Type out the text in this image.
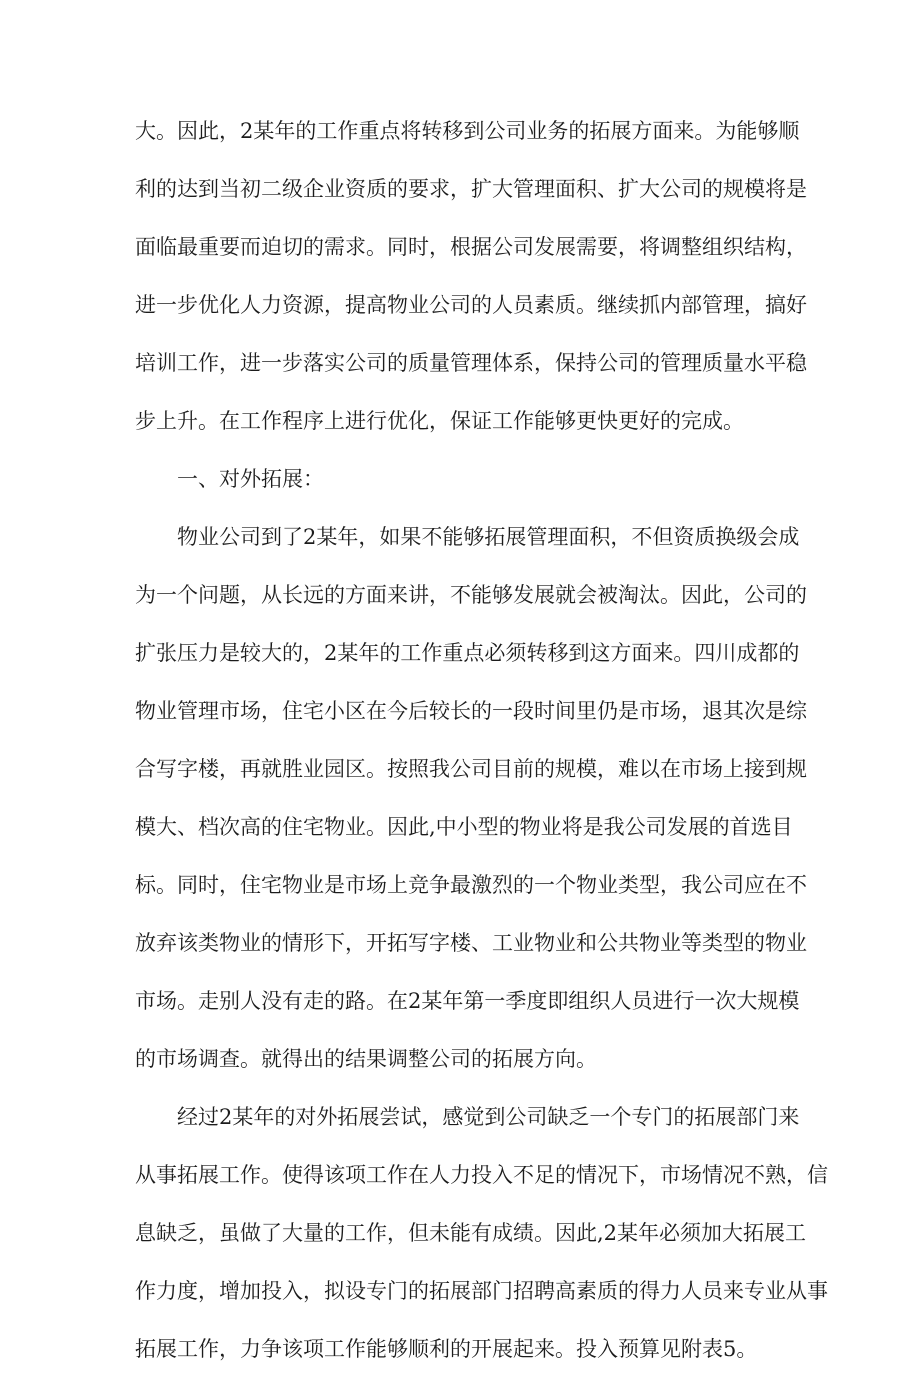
大。因此，2某年的工作重点将转移到公司业务的拓展方面来。为能够顺
利的达到当初二级企业资质的要求，扩大管理面积、扩大公司的规模将是
面临最重要而迫切的需求。同时，根据公司发展需要，将调整组织结构，
进一步优化人力资源，提高物业公司的人员素质。继续抓内部管理，搞好
培训工作，进一步落实公司的质量管理体系，保持公司的管理质量水平稳
步上升。在工作程序上进行优化，保证工作能够更快更好的完成。
一、对外拓展：
物业公司到了2某年，如果不能够拓展管理面积，不但资质换级会成
为一个问题，从长远的方面来讲，不能够发展就会被淘汰。因此，公司的
扩张压力是较大的，2某年的工作重点必须转移到这方面来。四川成都的
物业管理市场，住宅小区在今后较长的一段时间里仍是市场，退其次是综
合写字楼，再就胜业园区。按照我公司目前的规模，难以在市场上接到规
模大、档次高的住宅物业。因此,中小型的物业将是我公司发展的首选目
标。同时，住宅物业是市场上竞争最激烈的一个物业类型，我公司应在不
放弃该类物业的情形下，开拓写字楼、工业物业和公共物业等类型的物业
市场。走别人没有走的路。在2某年第一季度即组织人员进行一次大规模
的市场调查。就得出的结果调整公司的拓展方向。
经过2某年的对外拓展尝试，感觉到公司缺乏一个专门的拓展部门来
从事拓展工作。使得该项工作在人力投入不足的情况下，市场情况不熟，信
息缺乏，虽做了大量的工作，但未能有成绩。因此,2某年必须加大拓展工
作力度，增加投入，拟设专门的拓展部门招聘高素质的得力人员来专业从事
拓展工作，力争该项工作能够顺利的开展起来。投入预算见附表5。
